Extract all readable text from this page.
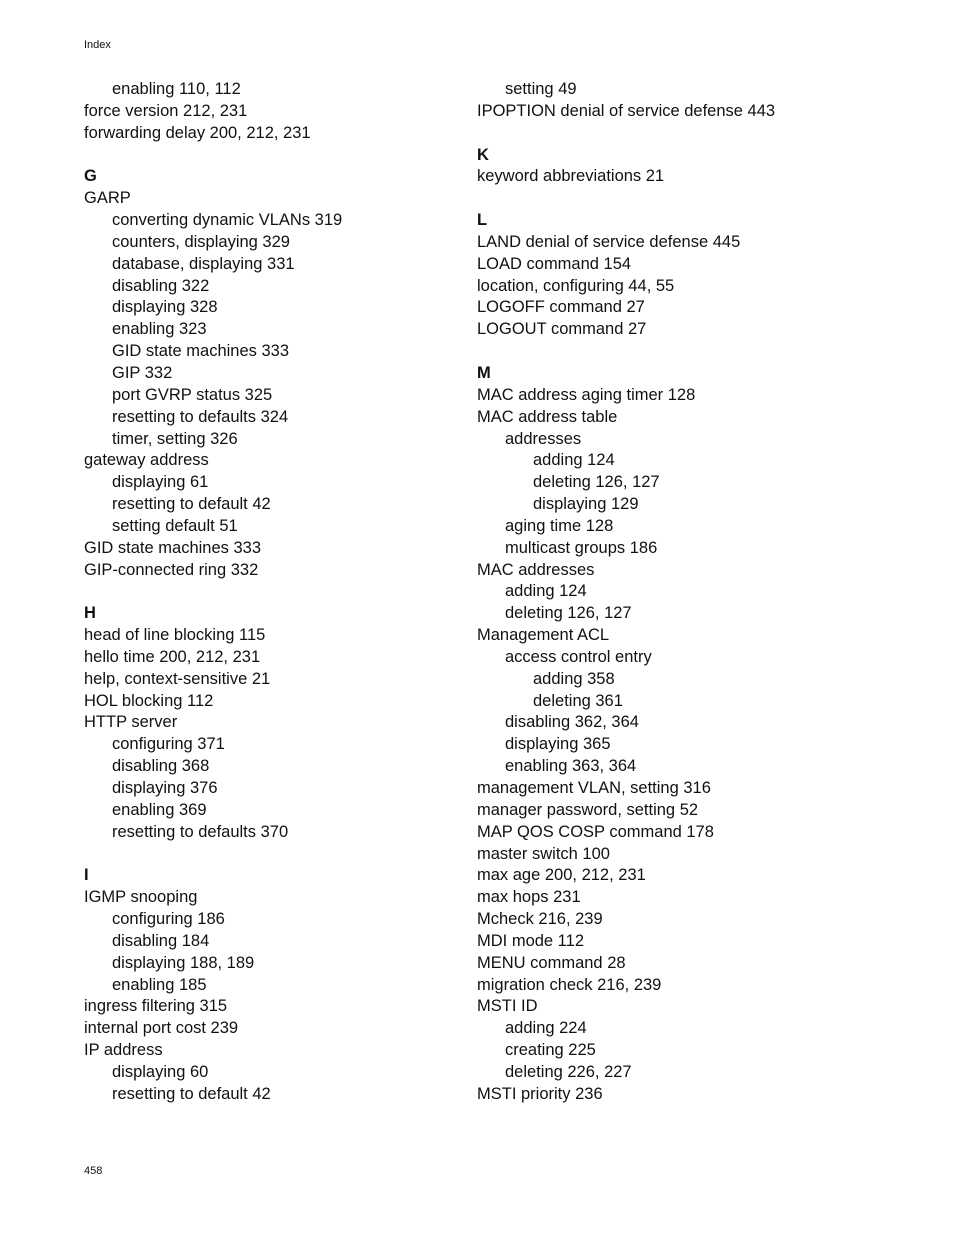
Index
enabling 110, 112
force version 212, 231
forwarding delay 200, 212, 231
G
GARP
converting dynamic VLANs 319
counters, displaying 329
database, displaying 331
disabling 322
displaying 328
enabling 323
GID state machines 333
GIP 332
port GVRP status 325
resetting to defaults 324
timer, setting 326
gateway address
displaying 61
resetting to default 42
setting default 51
GID state machines 333
GIP-connected ring 332
H
head of line blocking 115
hello time 200, 212, 231
help, context-sensitive 21
HOL blocking 112
HTTP server
configuring 371
disabling 368
displaying 376
enabling 369
resetting to defaults 370
I
IGMP snooping
configuring 186
disabling 184
displaying 188, 189
enabling 185
ingress filtering 315
internal port cost 239
IP address
displaying 60
resetting to default 42
setting 49
IPOPTION denial of service defense 443
K
keyword abbreviations 21
L
LAND denial of service defense 445
LOAD command 154
location, configuring 44, 55
LOGOFF command 27
LOGOUT command 27
M
MAC address aging timer 128
MAC address table
addresses
adding 124
deleting 126, 127
displaying 129
aging time 128
multicast groups 186
MAC addresses
adding 124
deleting 126, 127
Management ACL
access control entry
adding 358
deleting 361
disabling 362, 364
displaying 365
enabling 363, 364
management VLAN, setting 316
manager password, setting 52
MAP QOS COSP command 178
master switch 100
max age 200, 212, 231
max hops 231
Mcheck 216, 239
MDI mode 112
MENU command 28
migration check 216, 239
MSTI ID
adding 224
creating 225
deleting 226, 227
MSTI priority 236
458
